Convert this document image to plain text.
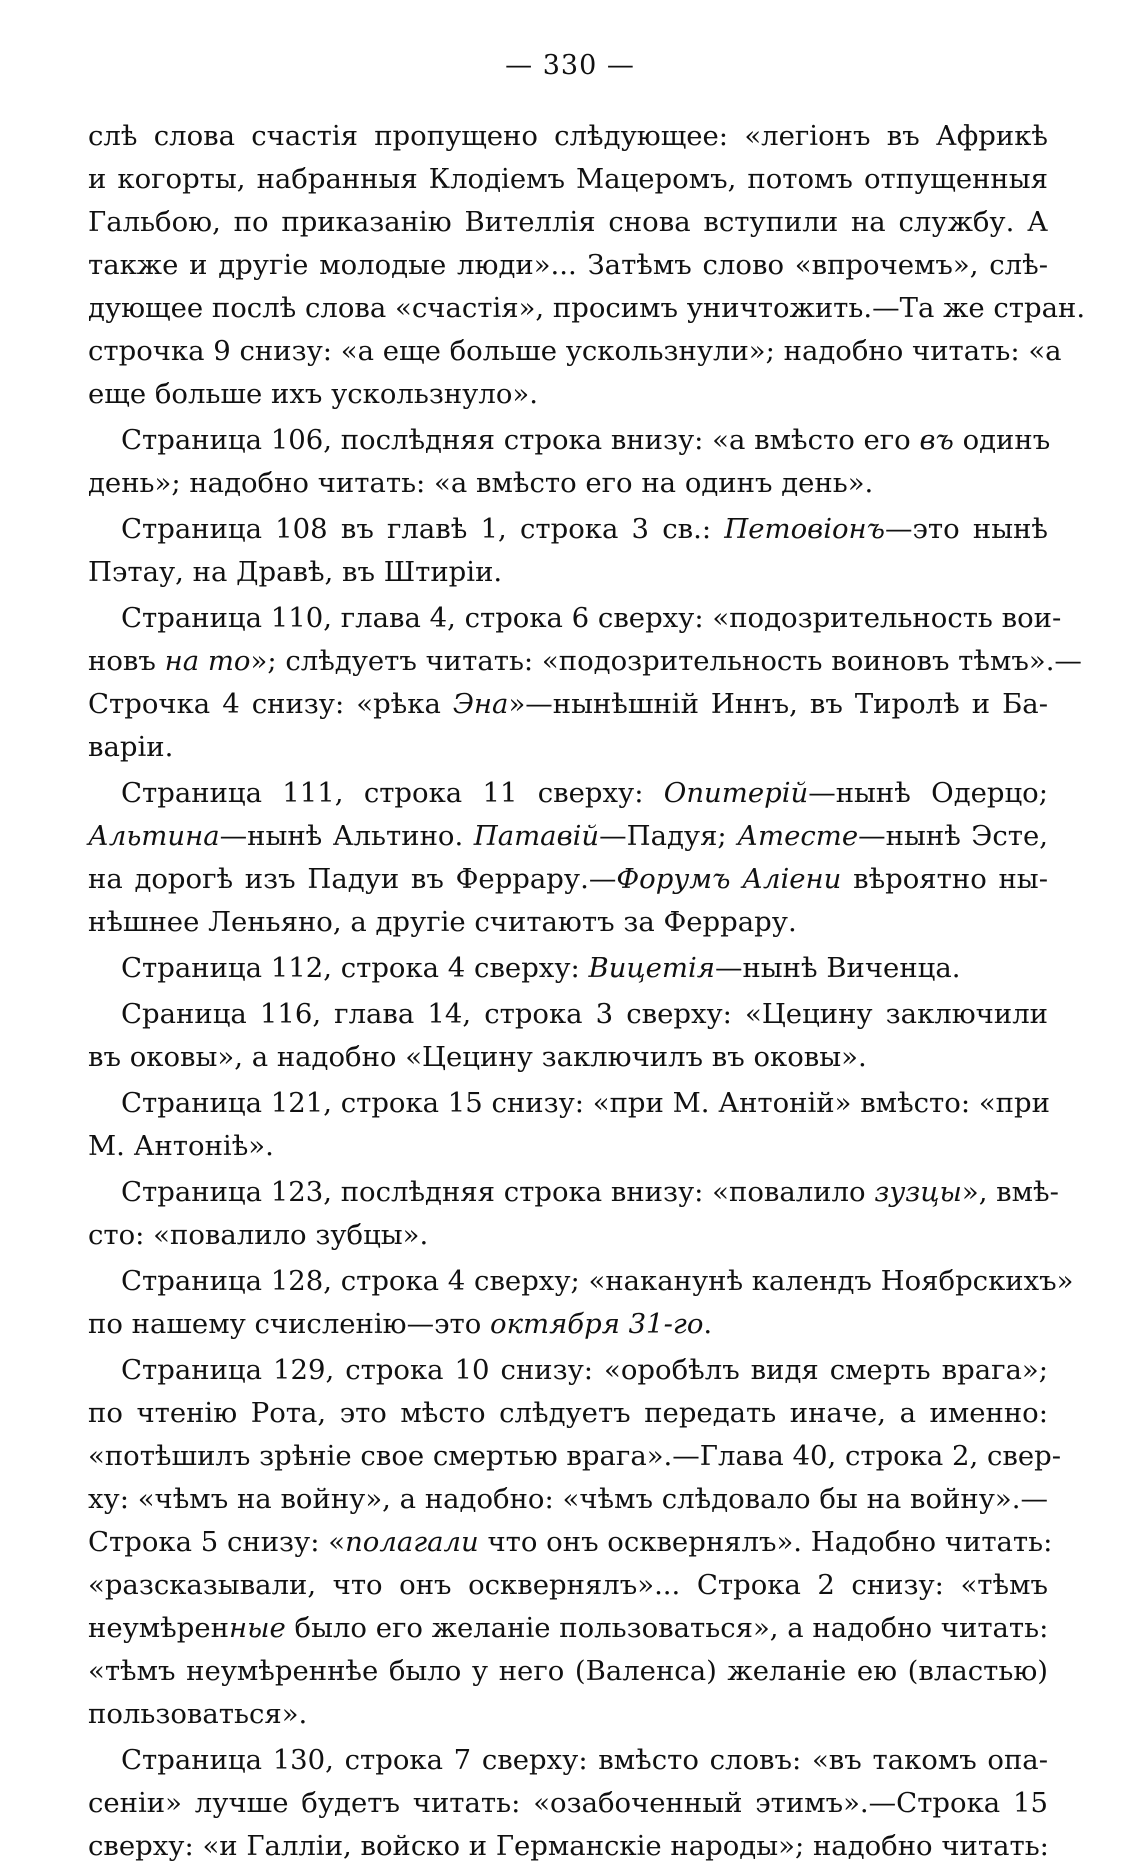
— 330 —
слѣ слова счастія пропущено слѣдующее: «легіонъ въ Африкѣ
и когорты, набранныя Клодіемъ Мацеромъ, потомъ отпущенныя
Гальбою, по приказанію Вителлія снова вступили на службу. А
также и другіе молодые люди»... Затѣмъ слово «впрочемъ», слѣ-
дующее послѣ слова «счастія», просимъ уничтожить.—Та же стран.
строчка 9 снизу: «а еще больше ускользнули»; надобно читать: «а
еще больше ихъ ускользнуло».
Страница 106, послѣдняя строка внизу: «а вмѣсто его въ одинъ
день»; надобно читать: «а вмѣсто его на одинъ день».
Страница 108 въ главѣ 1, строка 3 св.: Петовіонъ—это нынѣ
Пэтау, на Дравѣ, въ Штиріи.
Страница 110, глава 4, строка 6 сверху: «подозрительность вои-
новъ на то»; слѣдуетъ читать: «подозрительность воиновъ тѣмъ».—
Строчка 4 снизу: «рѣка Эна»—нынѣшній Иннъ, въ Тиролѣ и Ба-
варіи.
Страница 111, строка 11 сверху: Опитерій—нынѣ Одерцо;
Альтина—нынѣ Альтино. Патавій—Падуя; Атесте—нынѣ Эсте,
на дорогѣ изъ Падуи въ Феррару.—Форумъ Аліени вѣроятно ны-
нѣшнее Леньяно, а другіе считаютъ за Феррару.
Страница 112, строка 4 сверху: Вицетія—нынѣ Виченца.
Сраница 116, глава 14, строка 3 сверху: «Цецину заключили
въ оковы», а надобно «Цецину заключилъ въ оковы».
Страница 121, строка 15 снизу: «при М. Антоній» вмѣсто: «при
М. Антоніѣ».
Страница 123, послѣдняя строка внизу: «повалило зузцы», вмѣ-
сто: «повалило зубцы».
Страница 128, строка 4 сверху; «наканунѣ календъ Ноябрскихъ»
по нашему счисленію—это октября 31-го.
Страница 129, строка 10 снизу: «оробѣлъ видя смерть врага»;
по чтенію Рота, это мѣсто слѣдуетъ передать иначе, а именно:
«потѣшилъ зрѣніе свое смертью врага».—Глава 40, строка 2, свер-
ху: «чѣмъ на войну», а надобно: «чѣмъ слѣдовало бы на войну».—
Строка 5 снизу: «полагали что онъ осквернялъ». Надобно читать:
«разсказывали, что онъ осквернялъ»... Строка 2 снизу: «тѣмъ
неумѣренные было его желаніе пользоваться», а надобно читать:
«тѣмъ неумѣреннѣе было у него (Валенса) желаніе ею (властью)
пользоваться».
Страница 130, строка 7 сверху: вмѣсто словъ: «въ такомъ опа-
сеніи» лучше будетъ читать: «озабоченный этимъ».—Строка 15
сверху: «и Галліи, войско и Германскіе народы»; надобно читать:
